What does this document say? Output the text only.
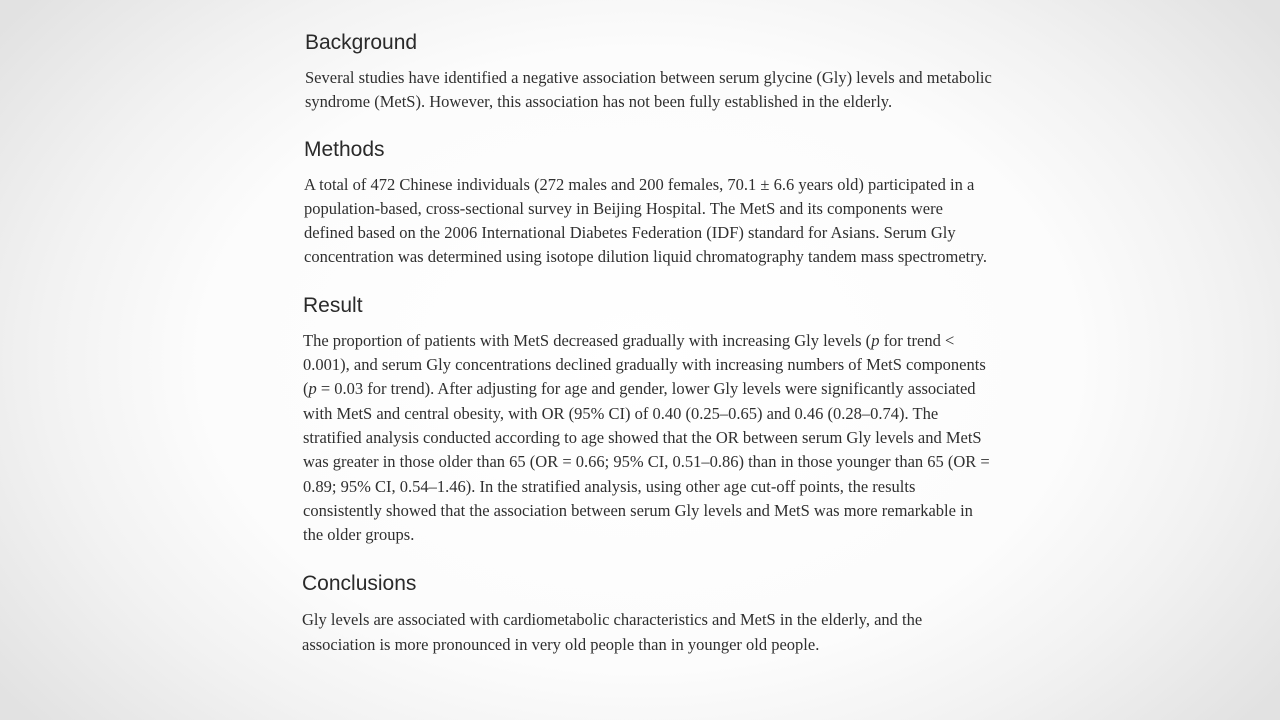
Background

Several studies have identified a negative association between serum glycine (Gly) levels and metabolic syndrome (MetS). However, this association has not been fully established in the elderly.

Methods

A total of 472 Chinese individuals (272 males and 200 females, 70.1 ± 6.6 years old) participated in a population-based, cross-sectional survey in Beijing Hospital. The MetS and its components were defined based on the 2006 International Diabetes Federation (IDF) standard for Asians. Serum Gly concentration was determined using isotope dilution liquid chromatography tandem mass spectrometry.

Result

The proportion of patients with MetS decreased gradually with increasing Gly levels (p for trend < 0.001), and serum Gly concentrations declined gradually with increasing numbers of MetS components (p = 0.03 for trend). After adjusting for age and gender, lower Gly levels were significantly associated with MetS and central obesity, with OR (95% CI) of 0.40 (0.25–0.65) and 0.46 (0.28–0.74). The stratified analysis conducted according to age showed that the OR between serum Gly levels and MetS was greater in those older than 65 (OR = 0.66; 95% CI, 0.51–0.86) than in those younger than 65 (OR = 0.89; 95% CI, 0.54–1.46). In the stratified analysis, using other age cut-off points, the results consistently showed that the association between serum Gly levels and MetS was more remarkable in the older groups.

Conclusions

Gly levels are associated with cardiometabolic characteristics and MetS in the elderly, and the association is more pronounced in very old people than in younger old people.
